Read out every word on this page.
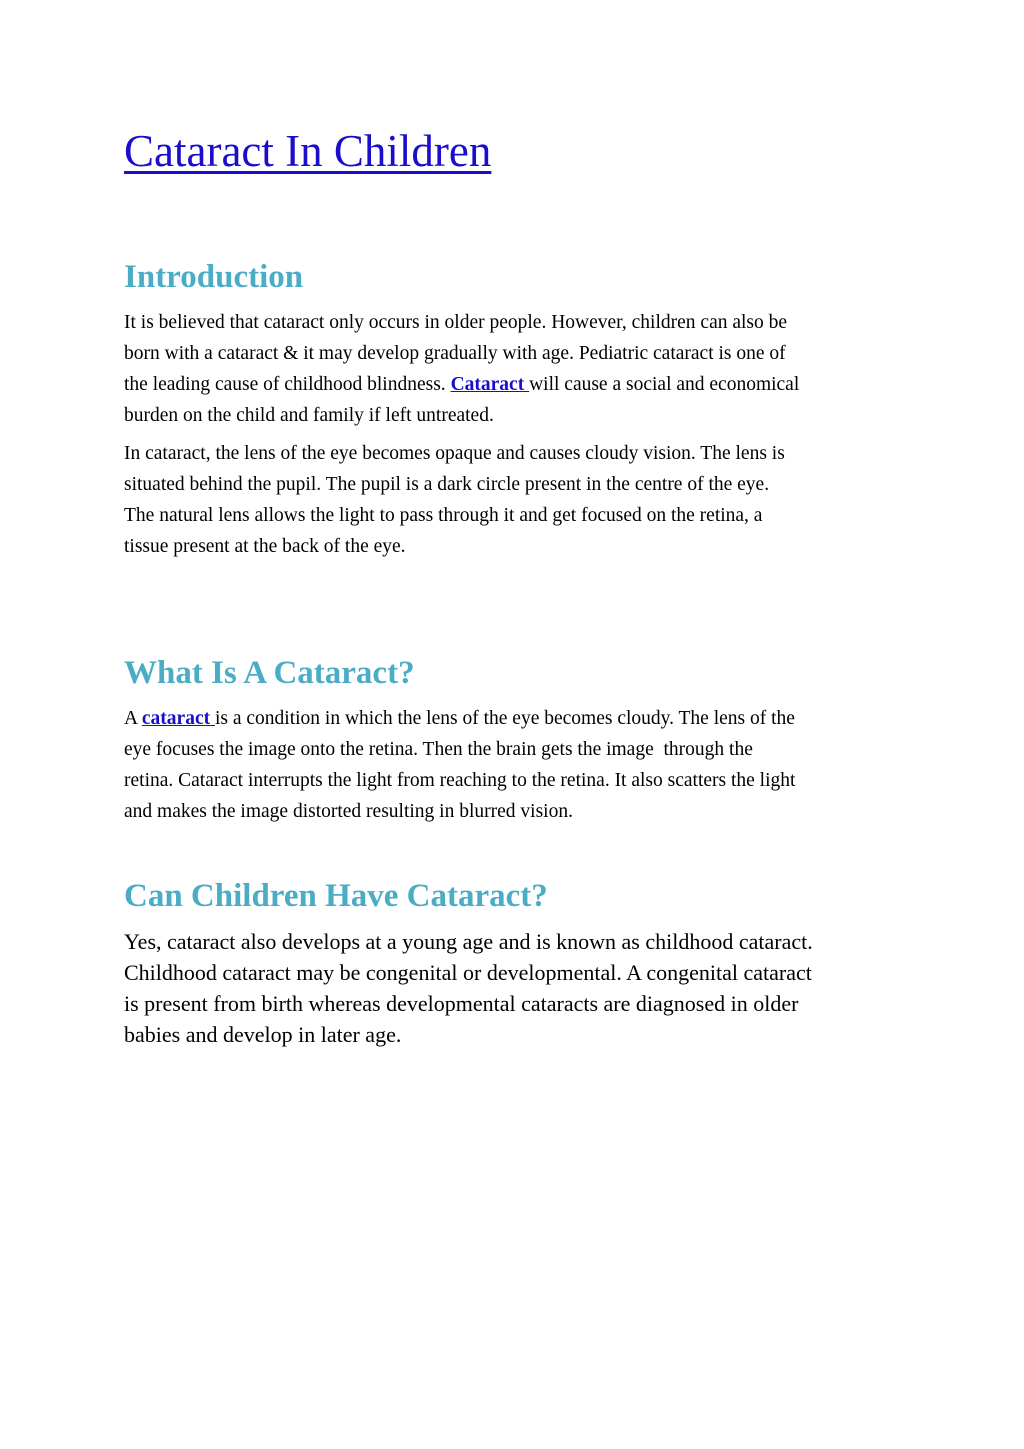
Cataract In Children
Introduction

It is believed that cataract only occurs in older people. However, children can also be
born with a cataract & it may develop gradually with age. Pediatric cataract is one of
the leading cause of childhood blindness. Cataract will cause a social and economical
burden on the child and family if left untreated.

In cataract, the lens of the eye becomes opaque and causes cloudy vision. The lens is
situated behind the pupil. The pupil is a dark circle present in the centre of the eye.
The natural lens allows the light to pass through it and get focused on the retina, a
tissue present at the back of the eye.

What Is A Cataract?

A cataract is a condition in which the lens of the eye becomes cloudy. The lens of the
eye focuses the image onto the retina. Then the brain gets the image  through the
retina. Cataract interrupts the light from reaching to the retina. It also scatters the light
and makes the image distorted resulting in blurred vision.

Can Children Have Cataract?

Yes, cataract also develops at a young age and is known as childhood cataract.
Childhood cataract may be congenital or developmental. A congenital cataract
is present from birth whereas developmental cataracts are diagnosed in older
babies and develop in later age.
